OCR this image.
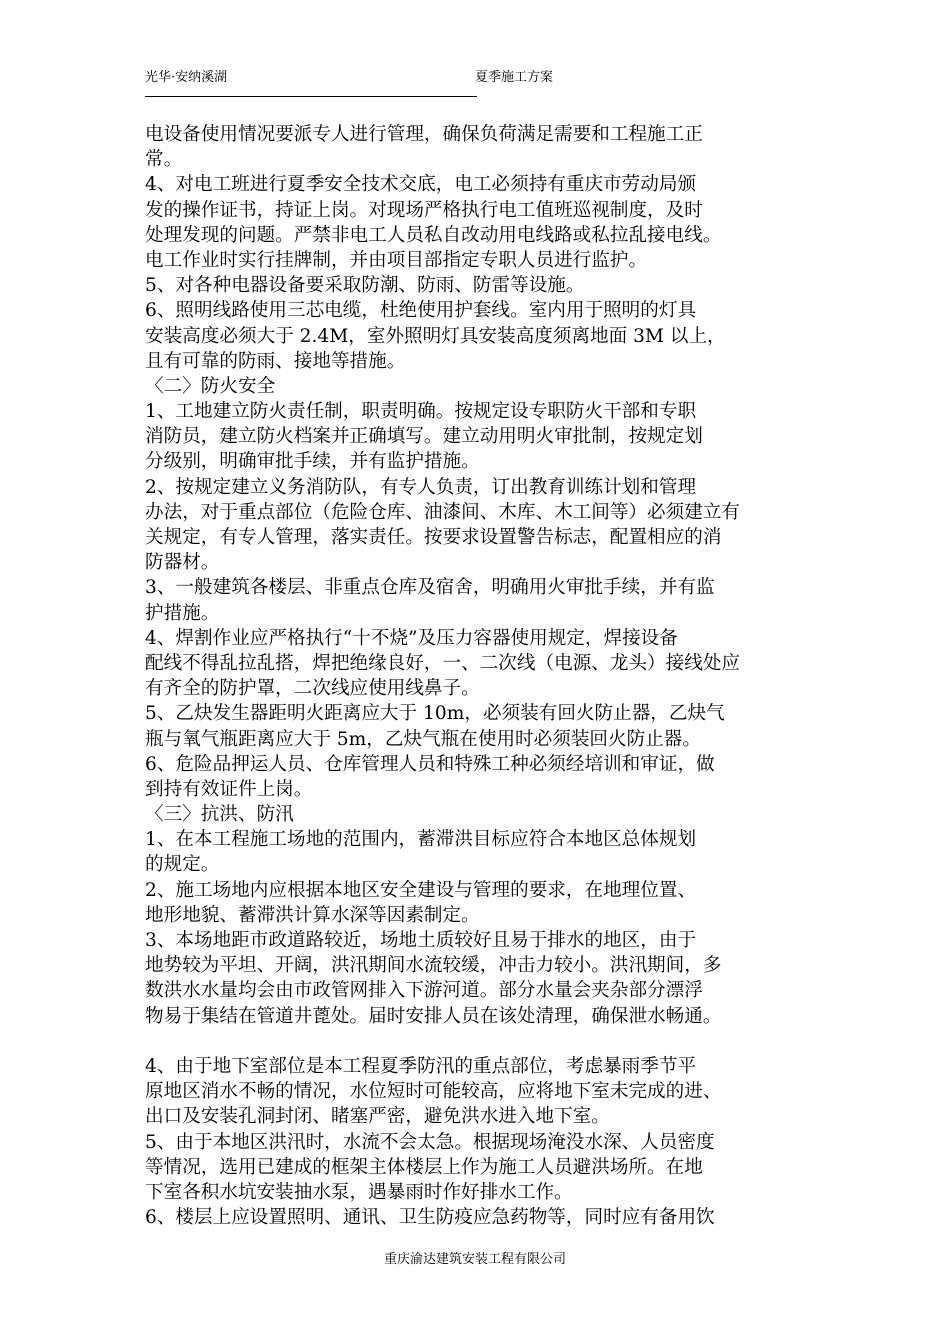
光华·安纳溪湖	夏季施工方案
电设备使用情况要派专人进行管理，确保负荷满足需要和工程施工正
常。
4、对电工班进行夏季安全技术交底，电工必须持有重庆市劳动局颁
发的操作证书，持证上岗。对现场严格执行电工值班巡视制度，及时
处理发现的问题。严禁非电工人员私自改动用电线路或私拉乱接电线。
电工作业时实行挂牌制，并由项目部指定专职人员进行监护。
5、对各种电器设备要采取防潮、防雨、防雷等设施。
6、照明线路使用三芯电缆，杜绝使用护套线。室内用于照明的灯具
安装高度必须大于 2.4M，室外照明灯具安装高度须离地面 3M 以上，
且有可靠的防雨、接地等措施。
〈二〉防火安全
1、工地建立防火责任制，职责明确。按规定设专职防火干部和专职
消防员，建立防火档案并正确填写。建立动用明火审批制，按规定划
分级别，明确审批手续，并有监护措施。
2、按规定建立义务消防队，有专人负责，订出教育训练计划和管理
办法，对于重点部位（危险仓库、油漆间、木库、木工间等）必须建立有
关规定，有专人管理，落实责任。按要求设置警告标志，配置相应的消
防器材。
3、一般建筑各楼层、非重点仓库及宿舍，明确用火审批手续，并有监
护措施。
4、焊割作业应严格执行“十不烧”及压力容器使用规定，焊接设备
配线不得乱拉乱搭，焊把绝缘良好，一、二次线（电源、龙头）接线处应
有齐全的防护罩，二次线应使用线鼻子。
5、乙炔发生器距明火距离应大于 10m，必须装有回火防止器，乙炔气
瓶与氧气瓶距离应大于 5m，乙炔气瓶在使用时必须装回火防止器。
6、危险品押运人员、仓库管理人员和特殊工种必须经培训和审证，做
到持有效证件上岗。
〈三〉抗洪、防汛
1、在本工程施工场地的范围内，蓄滞洪目标应符合本地区总体规划
的规定。
2、施工场地内应根据本地区安全建设与管理的要求，在地理位置、
地形地貌、蓄滞洪计算水深等因素制定。
3、本场地距市政道路较近，场地土质较好且易于排水的地区，由于
地势较为平坦、开阔，洪汛期间水流较缓，冲击力较小。洪汛期间，多
数洪水水量均会由市政管网排入下游河道。部分水量会夹杂部分漂浮
物易于集结在管道井蓖处。届时安排人员在该处清理，确保泄水畅通。
4、由于地下室部位是本工程夏季防汛的重点部位，考虑暴雨季节平
原地区消水不畅的情况，水位短时可能较高，应将地下室未完成的进、
出口及安装孔洞封闭、睹塞严密，避免洪水进入地下室。
5、由于本地区洪汛时，水流不会太急。根据现场淹没水深、人员密度
等情况，选用已建成的框架主体楼层上作为施工人员避洪场所。在地
下室各积水坑安装抽水泵，遇暴雨时作好排水工作。
6、楼层上应设置照明、通讯、卫生防疫应急药物等，同时应有备用饮
重庆渝达建筑安装工程有限公司
